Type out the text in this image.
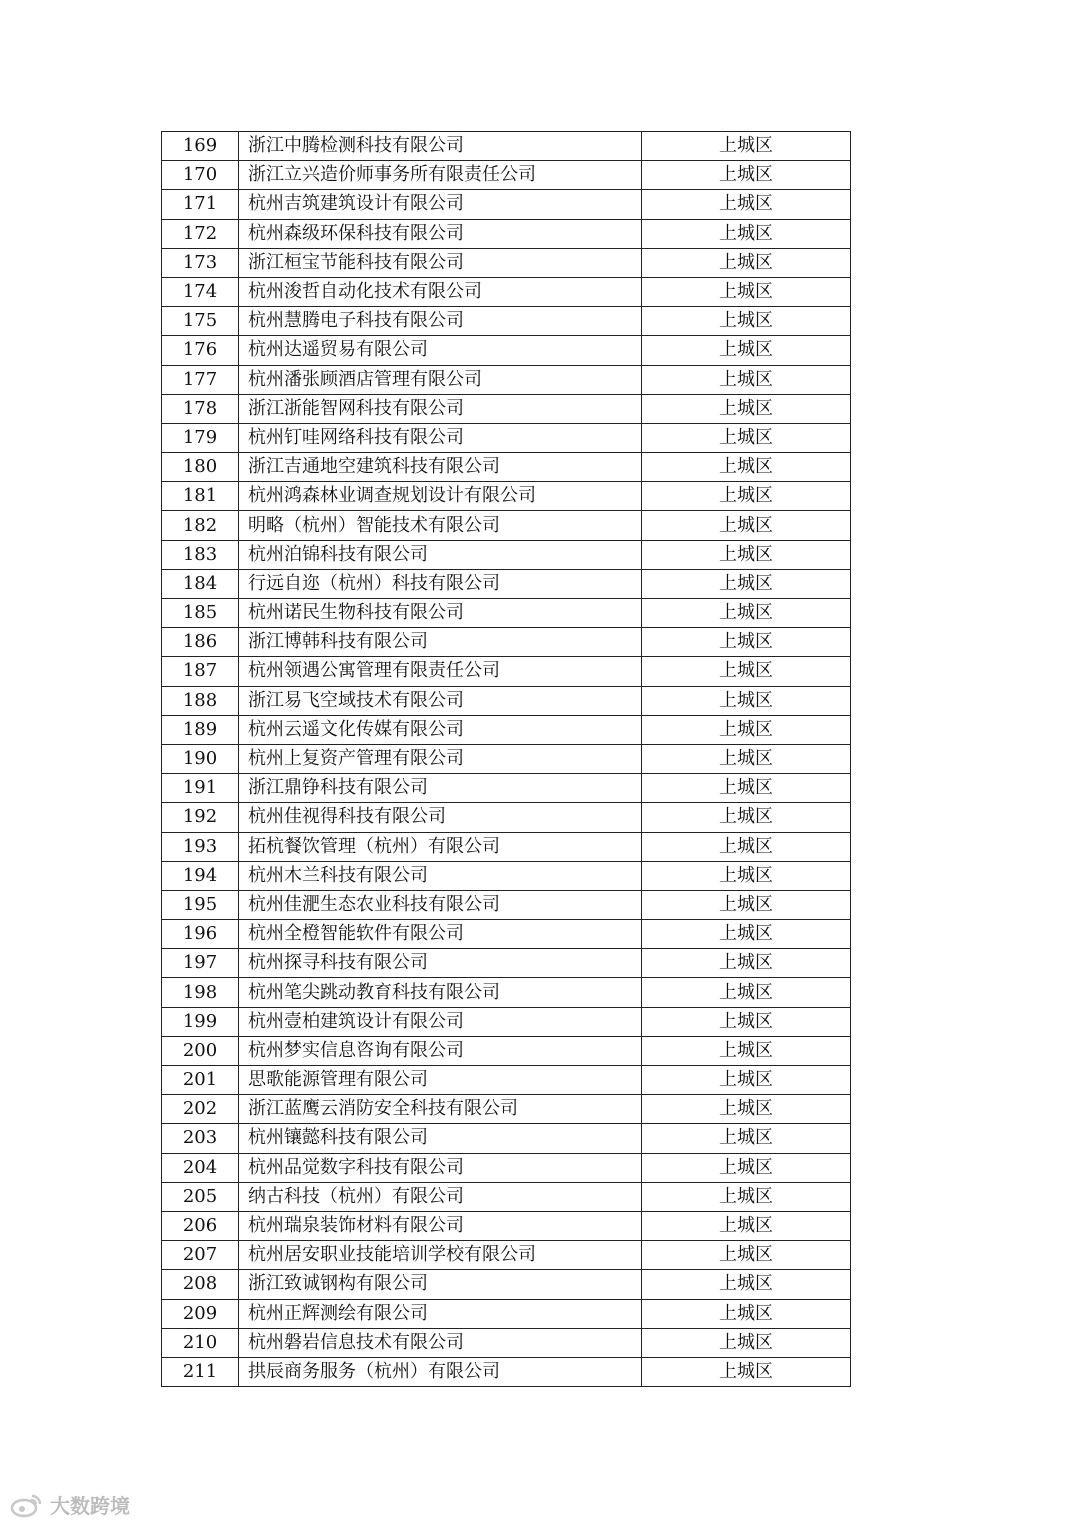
169	浙江中腾检测科技有限公司	上城区
170	浙江立兴造价师事务所有限责任公司	上城区
171	杭州吉筑建筑设计有限公司	上城区
172	杭州森级环保科技有限公司	上城区
173	浙江桓宝节能科技有限公司	上城区
174	杭州浚哲自动化技术有限公司	上城区
175	杭州慧腾电子科技有限公司	上城区
176	杭州达遥贸易有限公司	上城区
177	杭州潘张顾酒店管理有限公司	上城区
178	浙江浙能智网科技有限公司	上城区
179	杭州钉哇网络科技有限公司	上城区
180	浙江吉通地空建筑科技有限公司	上城区
181	杭州鸿森林业调查规划设计有限公司	上城区
182	明略（杭州）智能技术有限公司	上城区
183	杭州泊锦科技有限公司	上城区
184	行远自迩（杭州）科技有限公司	上城区
185	杭州诺民生物科技有限公司	上城区
186	浙江博韩科技有限公司	上城区
187	杭州领遇公寓管理有限责任公司	上城区
188	浙江易飞空域技术有限公司	上城区
189	杭州云遥文化传媒有限公司	上城区
190	杭州上复资产管理有限公司	上城区
191	浙江鼎铮科技有限公司	上城区
192	杭州佳视得科技有限公司	上城区
193	拓杭餐饮管理（杭州）有限公司	上城区
194	杭州木兰科技有限公司	上城区
195	杭州佳淝生态农业科技有限公司	上城区
196	杭州全橙智能软件有限公司	上城区
197	杭州探寻科技有限公司	上城区
198	杭州笔尖跳动教育科技有限公司	上城区
199	杭州壹柏建筑设计有限公司	上城区
200	杭州梦实信息咨询有限公司	上城区
201	思歌能源管理有限公司	上城区
202	浙江蓝鹰云消防安全科技有限公司	上城区
203	杭州镶懿科技有限公司	上城区
204	杭州品觉数字科技有限公司	上城区
205	纳古科技（杭州）有限公司	上城区
206	杭州瑞泉装饰材料有限公司	上城区
207	杭州居安职业技能培训学校有限公司	上城区
208	浙江致诚钢构有限公司	上城区
209	杭州正辉测绘有限公司	上城区
210	杭州磐岩信息技术有限公司	上城区
211	拱辰商务服务（杭州）有限公司	上城区
大数跨境
